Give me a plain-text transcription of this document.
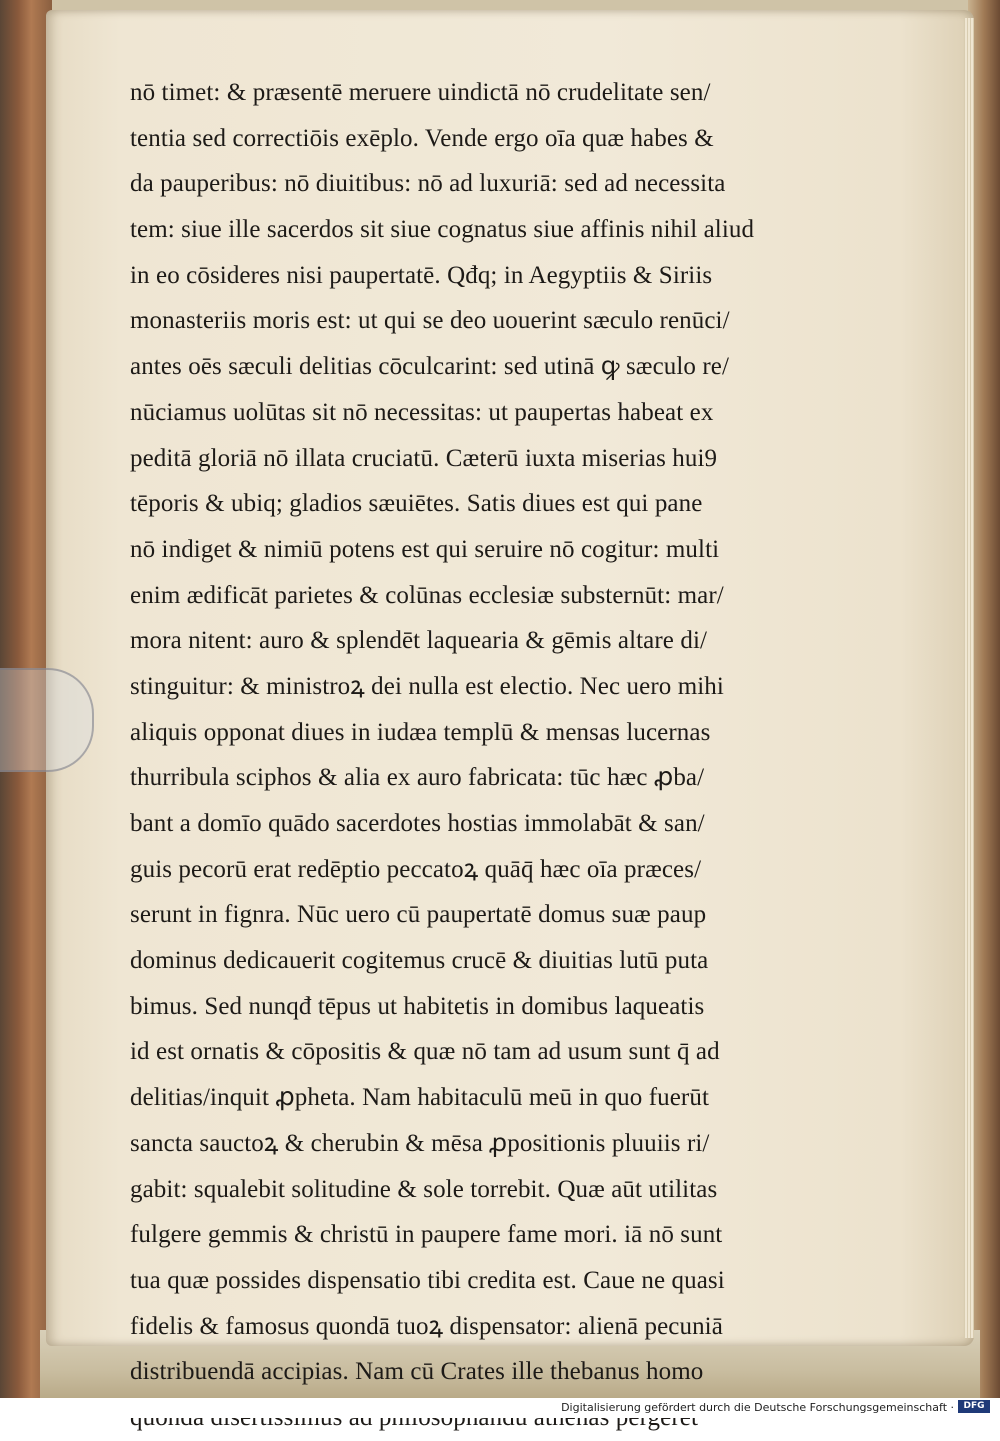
nō timet: & præsentē meruere uindictā nō crudelitate sen/
tentia sed correctiōis exēplo. Vende ergo oīa quæ habes &
da pauperibus: nō diuitibus: nō ad luxuriā: sed ad necessita
tem: siue ille sacerdos sit siue cognatus siue affinis nihil aliud
in eo cōsideres nisi paupertatē. Qđq; in Aegyptiis & Siriis
monasteriis moris est: ut qui se deo uouerint sæculo renūci/
antes oēs sæculi delitias cōculcarint: sed utinā ꝙ sæculo re/
nūciamus uolūtas sit nō necessitas: ut paupertas habeat ex
peditā gloriā nō illata cruciatū. Cæterū iuxta miserias hui9
tēporis & ubiq; gladios sæuiētes. Satis diues est qui pane
nō indiget & nimiū potens est qui seruire nō cogitur: multi
enim ædificāt parietes & colūnas ecclesiæ substernūt: mar/
mora nitent: auro & splendēt laquearia & gēmis altare di/
stinguitur: & ministroꝝ dei nulla est electio. Nec uero mihi
aliquis opponat diues in iudæa templū & mensas lucernas
thurribula sciphos & alia ex auro fabricata: tūc hæc ꝓba/
bant a domīo quādo sacerdotes hostias immolabāt & san/
guis pecorū erat redēptio peccatoꝝ quāq̄ hæc oīa præces/
serunt in fignra. Nūc uero cū paupertatē domus suæ paup
dominus dedicauerit cogitemus crucē & diuitias lutū puta
bimus. Sed nunqđ tēpus ut habitetis in domibus laqueatis
id est ornatis & cōpositis & quæ nō tam ad usum sunt q̄ ad
delitias/inquit ꝓpheta. Nam habitaculū meū in quo fuerūt
sancta sauctoꝝ & cherubin & mēsa ꝓpositionis pluuiis ri/
gabit: squalebit solitudine & sole torrebit. Quæ aūt utilitas
fulgere gemmis & christū in paupere fame mori. iā nō sunt
tua quæ possides dispensatio tibi credita est. Caue ne quasi
fidelis & famosus quondā tuoꝝ dispensator: alienā pecuniā
distribuendā accipias. Nam cū Crates ille thebanus homo
Digitalisierung gefördert durch die Deutsche Forschungsgemeinschaft ·	DFG
